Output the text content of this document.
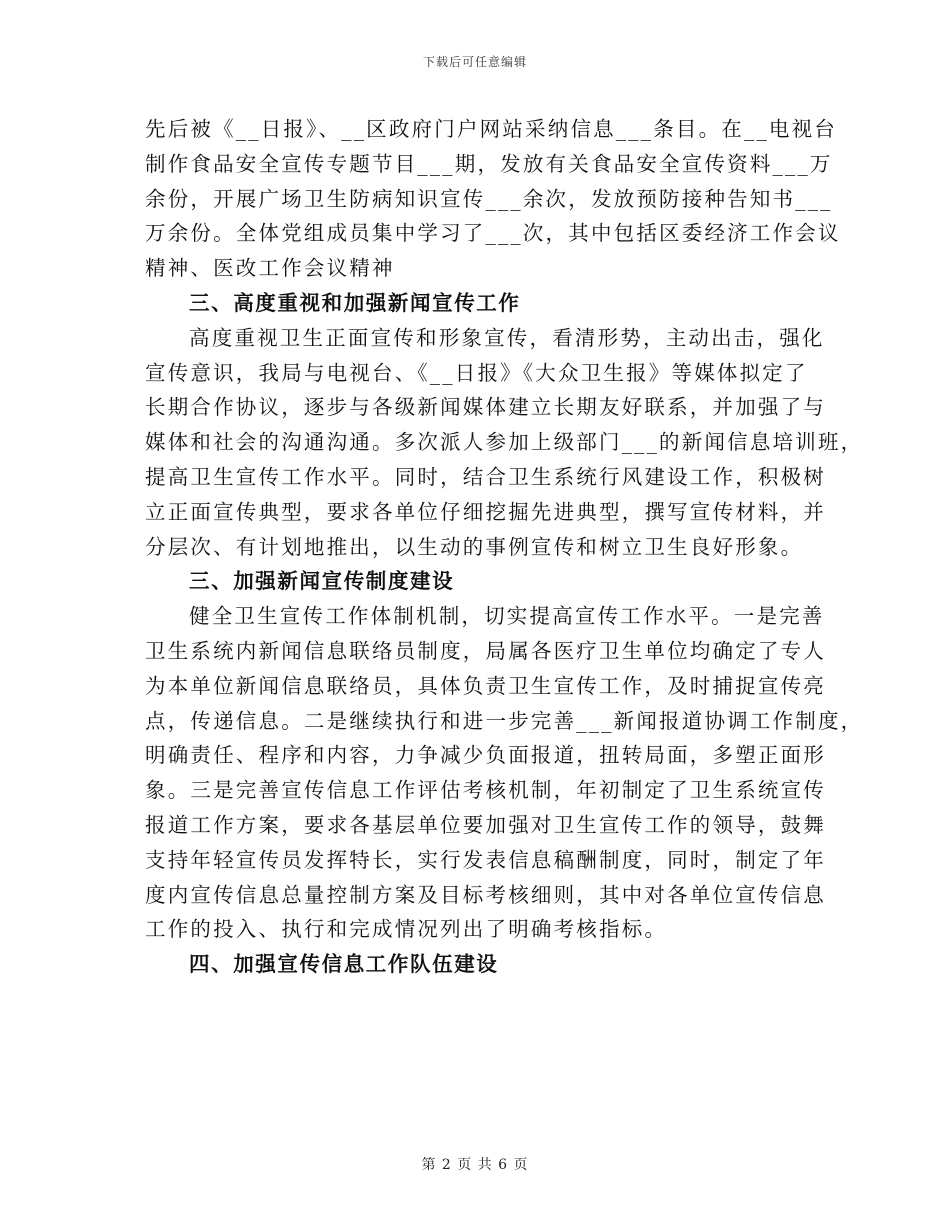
下载后可任意编辑
先后被《__日报》、__区政府门户网站采纳信息___条目。在__电视台
制作食品安全宣传专题节目___期，发放有关食品安全宣传资料___万
余份，开展广场卫生防病知识宣传___余次，发放预防接种告知书___
万余份。全体党组成员集中学习了___次，其中包括区委经济工作会议
精神、医改工作会议精神
三、高度重视和加强新闻宣传工作
高度重视卫生正面宣传和形象宣传，看清形势，主动出击，强化
宣传意识，我局与电视台、《__日报》《大众卫生报》等媒体拟定了
长期合作协议，逐步与各级新闻媒体建立长期友好联系，并加强了与
媒体和社会的沟通沟通。多次派人参加上级部门___的新闻信息培训班，
提高卫生宣传工作水平。同时，结合卫生系统行风建设工作，积极树
立正面宣传典型，要求各单位仔细挖掘先进典型，撰写宣传材料，并
分层次、有计划地推出，以生动的事例宣传和树立卫生良好形象。
三、加强新闻宣传制度建设
健全卫生宣传工作体制机制，切实提高宣传工作水平。一是完善
卫生系统内新闻信息联络员制度，局属各医疗卫生单位均确定了专人
为本单位新闻信息联络员，具体负责卫生宣传工作，及时捕捉宣传亮
点，传递信息。二是继续执行和进一步完善___新闻报道协调工作制度，
明确责任、程序和内容，力争减少负面报道，扭转局面，多塑正面形
象。三是完善宣传信息工作评估考核机制，年初制定了卫生系统宣传
报道工作方案，要求各基层单位要加强对卫生宣传工作的领导，鼓舞
支持年轻宣传员发挥特长，实行发表信息稿酬制度，同时，制定了年
度内宣传信息总量控制方案及目标考核细则，其中对各单位宣传信息
工作的投入、执行和完成情况列出了明确考核指标。
四、加强宣传信息工作队伍建设
第 2 页 共 6 页
